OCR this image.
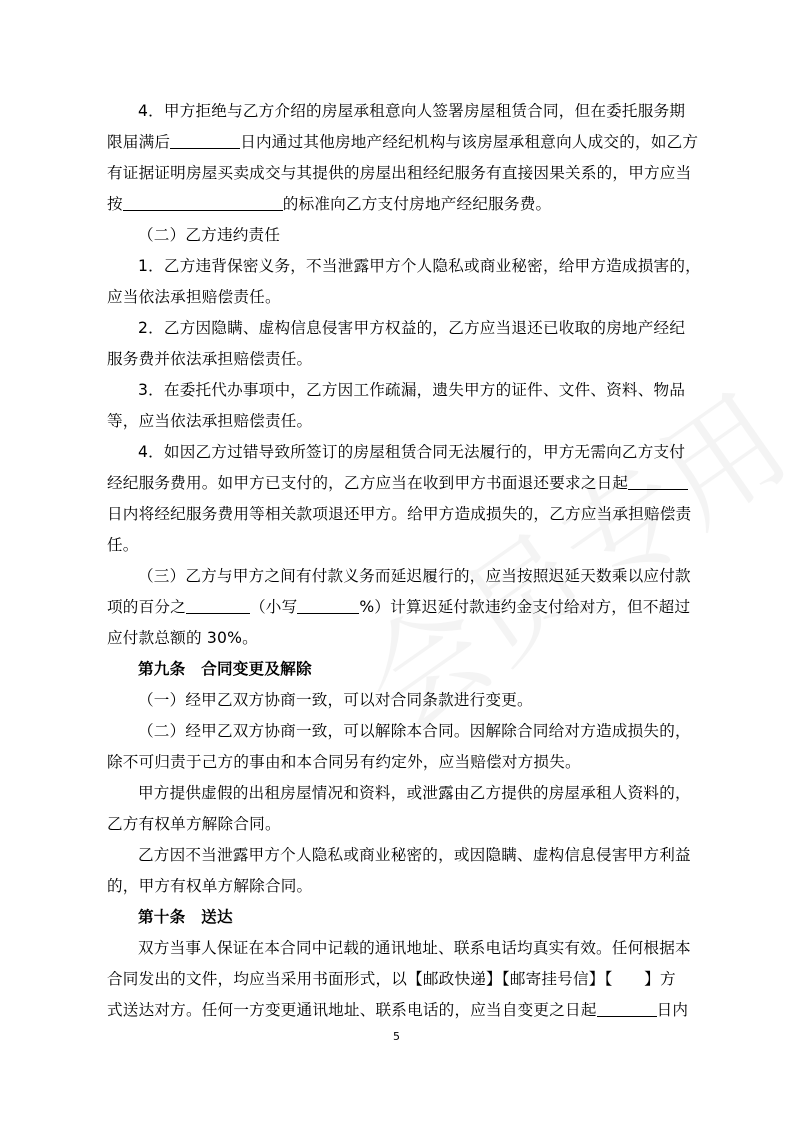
4．甲方拒绝与乙方介绍的房屋承租意向人签署房屋租赁合同，但在委托服务期
限届满后	日内通过其他房地产经纪机构与该房屋承租意向人成交的，如乙方
有证据证明房屋买卖成交与其提供的房屋出租经纪服务有直接因果关系的，甲方应当
按	的标准向乙方支付房地产经纪服务费。
（二）乙方违约责任
1．乙方违背保密义务，不当泄露甲方个人隐私或商业秘密，给甲方造成损害的，
应当依法承担赔偿责任。
2．乙方因隐瞒、虚构信息侵害甲方权益的，乙方应当退还已收取的房地产经纪
服务费并依法承担赔偿责任。
3．在委托代办事项中，乙方因工作疏漏，遗失甲方的证件、文件、资料、物品
等，应当依法承担赔偿责任。
4．如因乙方过错导致所签订的房屋租赁合同无法履行的，甲方无需向乙方支付
经纪服务费用。如甲方已支付的，乙方应当在收到甲方书面退还要求之日起
日内将经纪服务费用等相关款项退还甲方。给甲方造成损失的，乙方应当承担赔偿责
任。
（三）乙方与甲方之间有付款义务而延迟履行的，应当按照迟延天数乘以应付款
项的百分之	（小写	%）计算迟延付款违约金支付给对方，但不超过
应付款总额的 30%。
第九条　合同变更及解除
（一）经甲乙双方协商一致，可以对合同条款进行变更。
（二）经甲乙双方协商一致，可以解除本合同。因解除合同给对方造成损失的，
除不可归责于己方的事由和本合同另有约定外，应当赔偿对方损失。
甲方提供虚假的出租房屋情况和资料，或泄露由乙方提供的房屋承租人资料的，
乙方有权单方解除合同。
乙方因不当泄露甲方个人隐私或商业秘密的，或因隐瞒、虚构信息侵害甲方利益
的，甲方有权单方解除合同。
第十条　送达
双方当事人保证在本合同中记载的通讯地址、联系电话均真实有效。任何根据本
合同发出的文件，均应当采用书面形式，以【邮政快递】【邮寄挂号信】【　　】方
式送达对方。任何一方变更通讯地址、联系电话的，应当自变更之日起	日内
5
